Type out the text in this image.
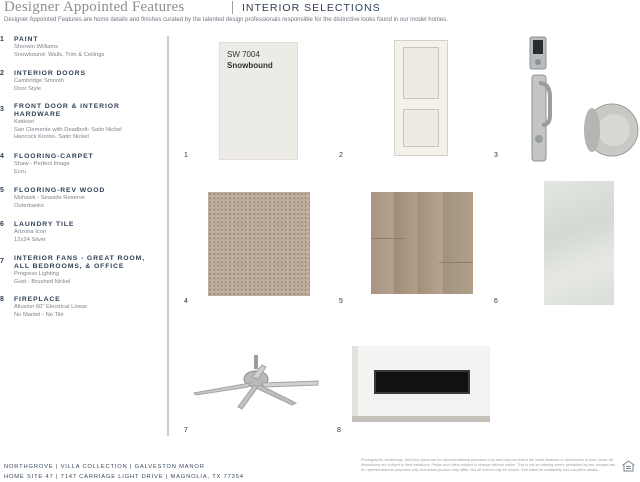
Designer Appointed Features	INTERIOR SELECTIONS
Designer Appointed Features are home details and finishes curated by the talented design professionals responsible for the distinctive looks found in our model homes.
1 PAINT
Sherwin Williams
Snowbound- Walls, Trim & Ceilings
2 INTERIOR DOORS
Cambridge Smooth
Door Style
3 FRONT DOOR & INTERIOR HARDWARE
Kwikset
San Clemente with Deadbolt- Satin Nickel
Hancock Knobs- Satin Nickel
4 FLOORING-CARPET
Shaw - Perfect Image
Ecru
5 FLOORING-REV WOOD
Mohawk - Seaside Reserve
Outerbanks
6 LAUNDRY TILE
Arizona Icon
12x24 Silver
7 INTERIOR FANS - GREAT ROOM, ALL BEDROOMS, & OFFICE
Progress Lighting
Gust - Brushed Nickel
8 FIREPLACE
Allusion 60" Electrical Linear
No Mantel - No Tile
SW 7004
Snowbound
1	2	3
4	5	6
7	8
NORTHGROVE | VILLA COLLECTION | GALVESTON MANOR
HOME SITE 47 | 7147 CARRIAGE LIGHT DRIVE | MAGNOLIA, TX 77354
Photographs, renderings, and floor plans are for representational purposes only and may not reflect the exact features or dimensions of your home. All dimensions are subject to field variations. Prices and offers subject to change without notice. This is not an offering where prohibited by law. Images are for representational purposes only and actual product may differ. Not all homes may be shown. See sales for availability and complete details.
